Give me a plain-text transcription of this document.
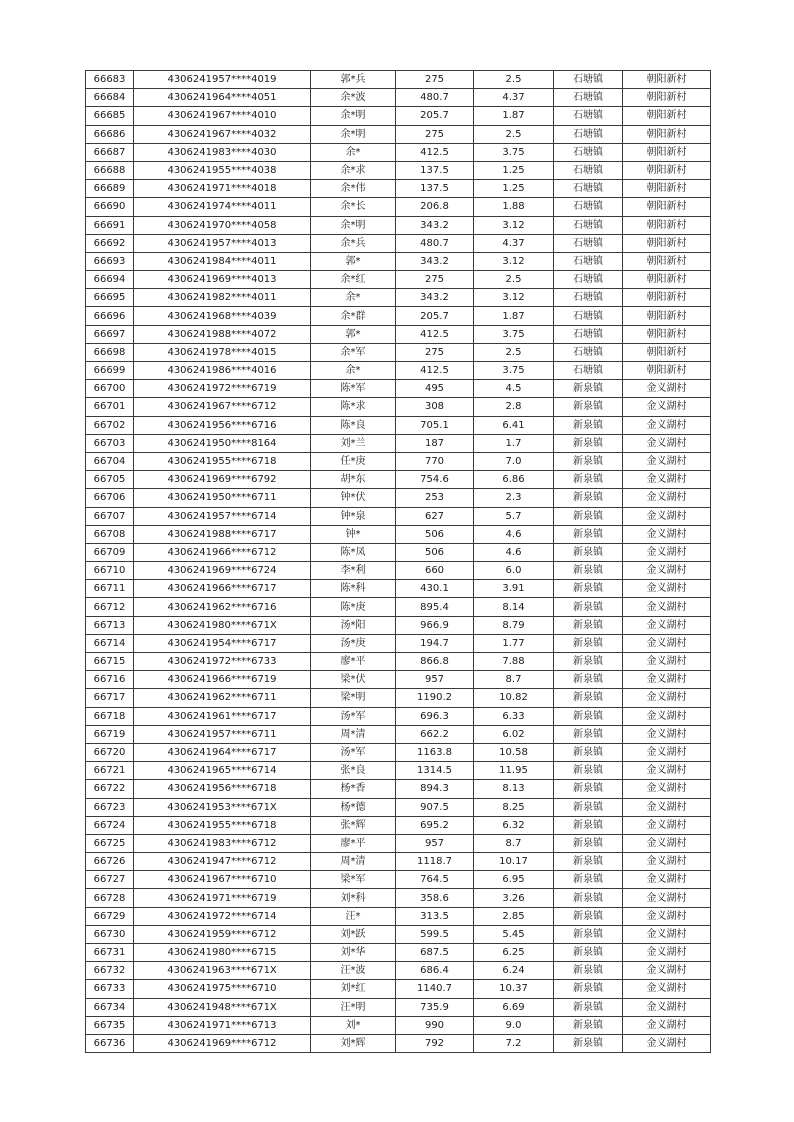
66683	4306241957****4019	郭*兵	275	2.5	石塘镇	朝阳新村
66684	4306241964****4051	余*波	480.7	4.37	石塘镇	朝阳新村
66685	4306241967****4010	余*明	205.7	1.87	石塘镇	朝阳新村
66686	4306241967****4032	余*明	275	2.5	石塘镇	朝阳新村
66687	4306241983****4030	余*	412.5	3.75	石塘镇	朝阳新村
66688	4306241955****4038	余*求	137.5	1.25	石塘镇	朝阳新村
66689	4306241971****4018	余*伟	137.5	1.25	石塘镇	朝阳新村
66690	4306241974****4011	余*长	206.8	1.88	石塘镇	朝阳新村
66691	4306241970****4058	余*明	343.2	3.12	石塘镇	朝阳新村
66692	4306241957****4013	余*兵	480.7	4.37	石塘镇	朝阳新村
66693	4306241984****4011	郭*	343.2	3.12	石塘镇	朝阳新村
66694	4306241969****4013	余*红	275	2.5	石塘镇	朝阳新村
66695	4306241982****4011	余*	343.2	3.12	石塘镇	朝阳新村
66696	4306241968****4039	余*群	205.7	1.87	石塘镇	朝阳新村
66697	4306241988****4072	郭*	412.5	3.75	石塘镇	朝阳新村
66698	4306241978****4015	余*军	275	2.5	石塘镇	朝阳新村
66699	4306241986****4016	余*	412.5	3.75	石塘镇	朝阳新村
66700	4306241972****6719	陈*军	495	4.5	新泉镇	金义湖村
66701	4306241967****6712	陈*求	308	2.8	新泉镇	金义湖村
66702	4306241956****6716	陈*良	705.1	6.41	新泉镇	金义湖村
66703	4306241950****8164	刘*兰	187	1.7	新泉镇	金义湖村
66704	4306241955****6718	任*庚	770	7.0	新泉镇	金义湖村
66705	4306241969****6792	胡*东	754.6	6.86	新泉镇	金义湖村
66706	4306241950****6711	钟*伏	253	2.3	新泉镇	金义湖村
66707	4306241957****6714	钟*泉	627	5.7	新泉镇	金义湖村
66708	4306241988****6717	钟*	506	4.6	新泉镇	金义湖村
66709	4306241966****6712	陈*凤	506	4.6	新泉镇	金义湖村
66710	4306241969****6724	李*利	660	6.0	新泉镇	金义湖村
66711	4306241966****6717	陈*科	430.1	3.91	新泉镇	金义湖村
66712	4306241962****6716	陈*庚	895.4	8.14	新泉镇	金义湖村
66713	4306241980****671X	汤*阳	966.9	8.79	新泉镇	金义湖村
66714	4306241954****6717	汤*庚	194.7	1.77	新泉镇	金义湖村
66715	4306241972****6733	廖*平	866.8	7.88	新泉镇	金义湖村
66716	4306241966****6719	梁*伏	957	8.7	新泉镇	金义湖村
66717	4306241962****6711	梁*明	1190.2	10.82	新泉镇	金义湖村
66718	4306241961****6717	汤*军	696.3	6.33	新泉镇	金义湖村
66719	4306241957****6711	周*清	662.2	6.02	新泉镇	金义湖村
66720	4306241964****6717	汤*军	1163.8	10.58	新泉镇	金义湖村
66721	4306241965****6714	张*良	1314.5	11.95	新泉镇	金义湖村
66722	4306241956****6718	杨*香	894.3	8.13	新泉镇	金义湖村
66723	4306241953****671X	杨*德	907.5	8.25	新泉镇	金义湖村
66724	4306241955****6718	张*辉	695.2	6.32	新泉镇	金义湖村
66725	4306241983****6712	廖*平	957	8.7	新泉镇	金义湖村
66726	4306241947****6712	周*清	1118.7	10.17	新泉镇	金义湖村
66727	4306241967****6710	梁*军	764.5	6.95	新泉镇	金义湖村
66728	4306241971****6719	刘*科	358.6	3.26	新泉镇	金义湖村
66729	4306241972****6714	汪*	313.5	2.85	新泉镇	金义湖村
66730	4306241959****6712	刘*跃	599.5	5.45	新泉镇	金义湖村
66731	4306241980****6715	刘*华	687.5	6.25	新泉镇	金义湖村
66732	4306241963****671X	汪*波	686.4	6.24	新泉镇	金义湖村
66733	4306241975****6710	刘*红	1140.7	10.37	新泉镇	金义湖村
66734	4306241948****671X	汪*明	735.9	6.69	新泉镇	金义湖村
66735	4306241971****6713	刘*	990	9.0	新泉镇	金义湖村
66736	4306241969****6712	刘*辉	792	7.2	新泉镇	金义湖村
